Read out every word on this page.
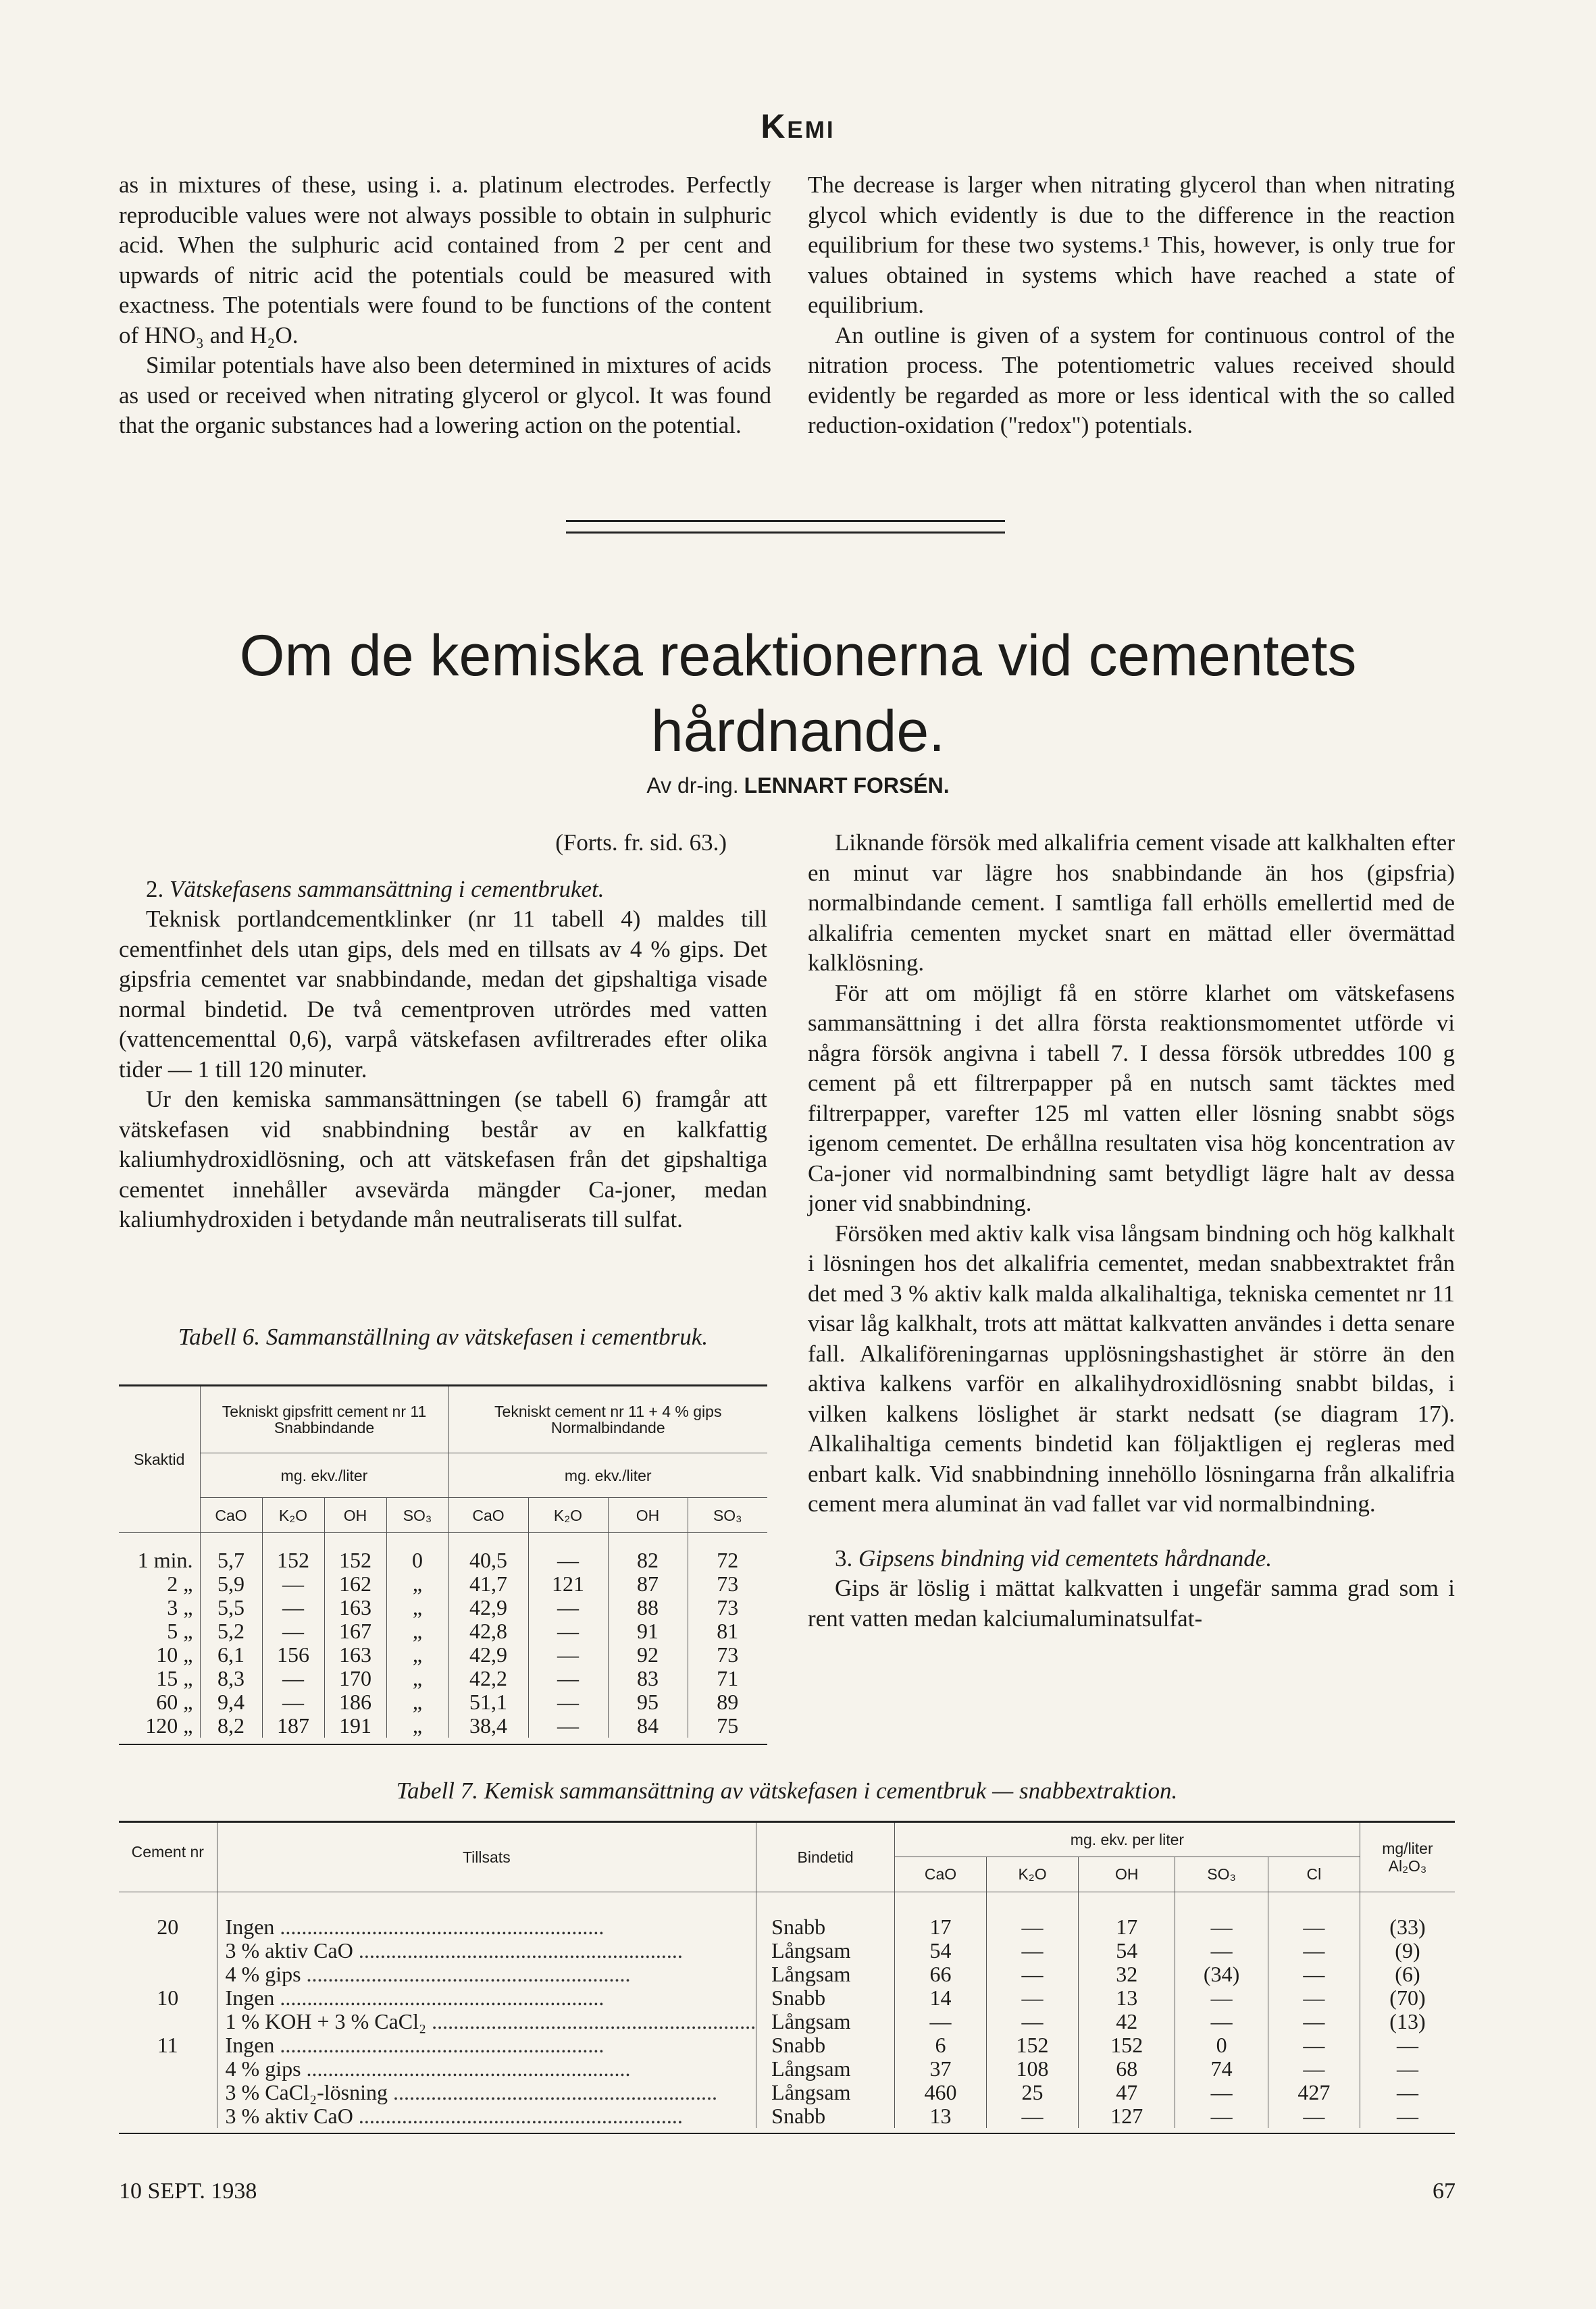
Kemi

as in mixtures of these, using i. a. platinum electrodes. Perfectly reproducible values were not always possible to obtain in sulphuric acid. When the sulphuric acid contained from 2 per cent and upwards of nitric acid the potentials could be measured with exactness. The potentials were found to be functions of the content of HNO₃ and H₂O.

Similar potentials have also been determined in mixtures of acids as used or received when nitrating glycerol or glycol. It was found that the organic substances had a lowering action on the potential.

The decrease is larger when nitrating glycerol than when nitrating glycol which evidently is due to the difference in the reaction equilibrium for these two systems.¹ This, however, is only true for values obtained in systems which have reached a state of equilibrium.

An outline is given of a system for continuous control of the nitration process. The potentiometric values received should evidently be regarded as more or less identical with the so called reduction-oxidation ("redox") potentials.

Om de kemiska reaktionerna vid cementets hårdnande.
Av dr-ing. LENNART FORSÉN.

(Forts. fr. sid. 63.)

2. Vätskefasens sammansättning i cementbruket.

Teknisk portlandcementklinker (nr 11 tabell 4) maldes till cementfinhet dels utan gips, dels med en tillsats av 4 % gips. Det gipsfria cementet var snabbindande, medan det gipshaltiga visade normal bindetid. De två cementproven utrördes med vatten (vattencementtal 0,6), varpå vätskefasen avfiltrerades efter olika tider — 1 till 120 minuter.

Ur den kemiska sammansättningen (se tabell 6) framgår att vätskefasen vid snabbindning består av en kalkfattig kaliumhydroxidlösning, och att vätskefasen från det gipshaltiga cementet innehåller avsevärda mängder Ca-joner, medan kaliumhydroxiden i betydande mån neutraliserats till sulfat.

Tabell 6. Sammanställning av vätskefasen i cementbruk.
Skaktid	Tekniskt gipsfritt cement nr 11 Snabbindande				Tekniskt cement nr 11 + 4 % gips Normalbindande			
	mg. ekv./liter				mg. ekv./liter			
	CaO	K₂O	OH	SO₃	CaO	K₂O	OH	SO₃
1 min.	5,7	152	152	0	40,5	—	82	72
2 „	5,9	—	162	„	41,7	121	87	73
3 „	5,5	—	163	„	42,9	—	88	73
5 „	5,2	—	167	„	42,8	—	91	81
10 „	6,1	156	163	„	42,9	—	92	73
15 „	8,3	—	170	„	42,2	—	83	71
60 „	9,4	—	186	„	51,1	—	95	89
120 „	8,2	187	191	„	38,4	—	84	75

Liknande försök med alkalifria cement visade att kalkhalten efter en minut var lägre hos snabbindande än hos (gipsfria) normalbindande cement. I samtliga fall erhölls emellertid med de alkalifria cementen mycket snart en mättad eller övermättad kalklösning.

För att om möjligt få en större klarhet om vätskefasens sammansättning i det allra första reaktionsmomentet utförde vi några försök angivna i tabell 7. I dessa försök utbreddes 100 g cement på ett filtrerpapper på en nutsch samt täcktes med filtrerpapper, varefter 125 ml vatten eller lösning snabbt sögs igenom cementet. De erhållna resultaten visa hög koncentration av Ca-joner vid normalbindning samt betydligt lägre halt av dessa joner vid snabbindning.

Försöken med aktiv kalk visa långsam bindning och hög kalkhalt i lösningen hos det alkalifria cementet, medan snabbextraktet från det med 3 % aktiv kalk malda alkalihaltiga, tekniska cementet nr 11 visar låg kalkhalt, trots att mättat kalkvatten användes i detta senare fall. Alkaliföreningarnas upplösningshastighet är större än den aktiva kalkens varför en alkalihydroxidlösning snabbt bildas, i vilken kalkens löslighet är starkt nedsatt (se diagram 17). Alkalihaltiga cements bindetid kan följaktligen ej regleras med enbart kalk. Vid snabbindning innehöllo lösningarna från alkalifria cement mera aluminat än vad fallet var vid normalbindning.

3. Gipsens bindning vid cementets hårdnande.

Gips är löslig i mättat kalkvatten i ungefär samma grad som i rent vatten medan kalciumaluminatsulfat-

Tabell 7. Kemisk sammansättning av vätskefasen i cementbruk — snabbextraktion.
Cement nr	Tillsats	Bindetid	mg. ekv. per liter					mg/liter Al₂O₃
			CaO	K₂O	OH	SO₃	Cl	

20	Ingen ............................................................	Snabb	17	—	17	—	—	(33)
	3 % aktiv CaO ............................................................	Långsam	54	—	54	—	—	(9)
	4 % gips ............................................................	Långsam	66	—	32	(34)	—	(6)
10	Ingen ............................................................	Snabb	14	—	13	—	—	(70)
	1 % KOH + 3 % CaCl₂ ............................................................	Långsam	—	—	42	—	—	(13)
11	Ingen ............................................................	Snabb	6	152	152	0	—	—
	4 % gips ............................................................	Långsam	37	108	68	74	—	—
	3 % CaCl₂-lösning ............................................................	Långsam	460	25	47	—	427	—
	3 % aktiv CaO ............................................................	Snabb	13	—	127	—	—	—

10 SEPT. 1938	67
